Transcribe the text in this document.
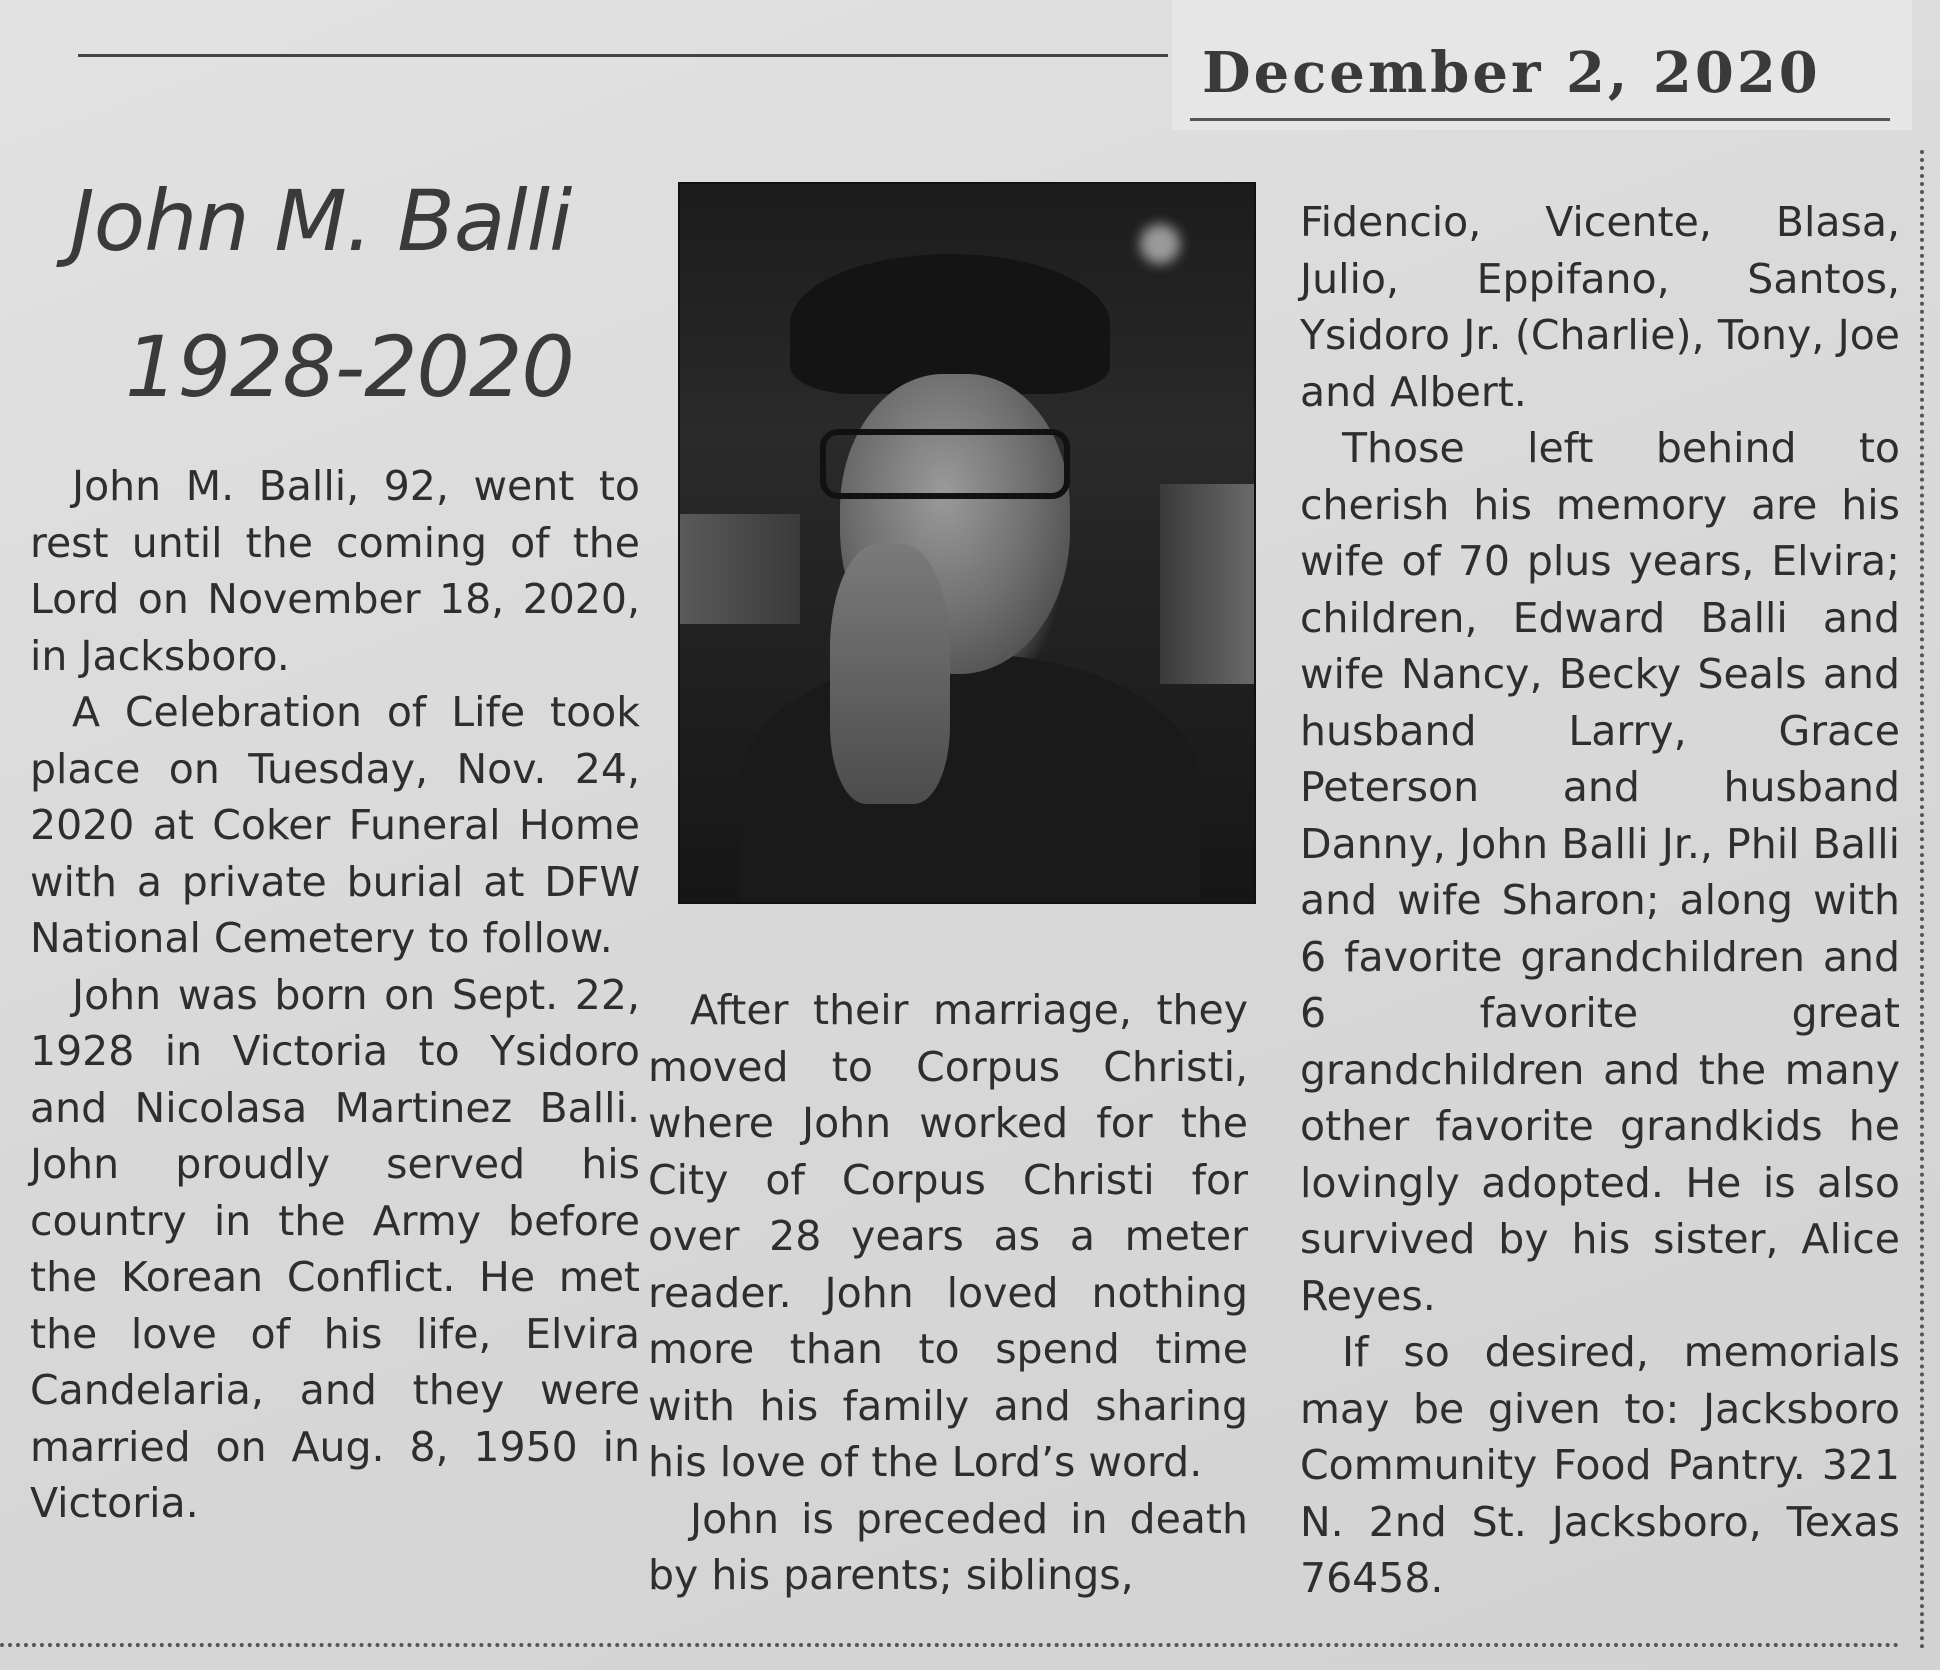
December 2, 2020
John M. Balli
1928-2020

John M. Balli, 92, went to rest until the coming of the Lord on November 18, 2020, in Jacksboro.

A Celebration of Life took place on Tuesday, Nov. 24, 2020 at Coker Funeral Home with a private burial at DFW National Cemetery to follow.

John was born on Sept. 22, 1928 in Victoria to Ysidoro and Nicolasa Martinez Balli. John proudly served his country in the Army before the Korean Conflict. He met the love of his life, Elvira Candelaria, and they were married on Aug. 8, 1950 in Victoria.

After their marriage, they moved to Corpus Christi, where John worked for the City of Corpus Christi for over 28 years as a meter reader. John loved nothing more than to spend time with his family and sharing his love of the Lord’s word.

John is preceded in death by his parents; siblings,

Fidencio, Vicente, Blasa, Julio, Eppifano, Santos, Ysidoro Jr. (Charlie), Tony, Joe and Albert.

Those left behind to cherish his memory are his wife of 70 plus years, Elvira; children, Edward Balli and wife Nancy, Becky Seals and husband Larry, Grace Peterson and husband Danny, John Balli Jr., Phil Balli and wife Sharon; along with 6 favorite grandchildren and 6 favorite great grandchildren and the many other favorite grandkids he lovingly adopted. He is also survived by his sister, Alice Reyes.

If so desired, memorials may be given to: Jacksboro Community Food Pantry. 321 N. 2nd St. Jacksboro, Texas 76458.
